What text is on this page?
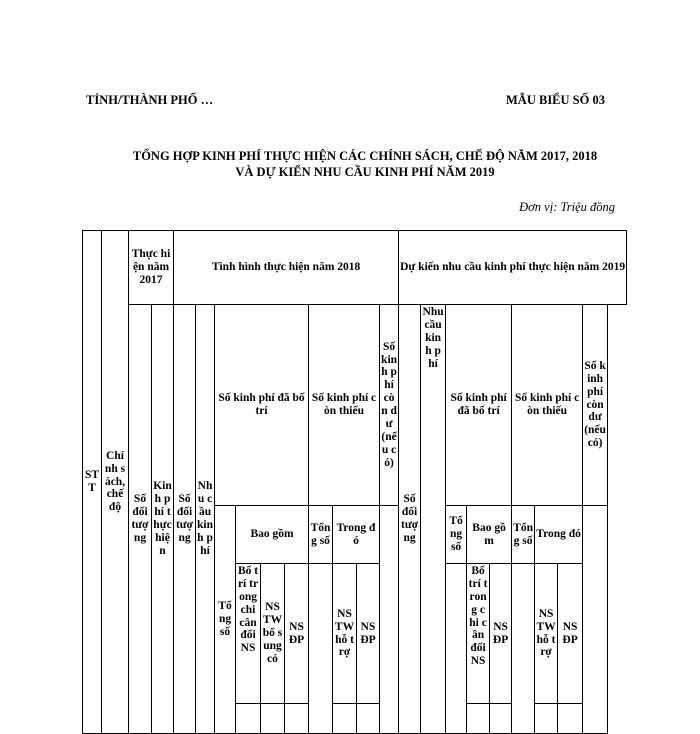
TỈNH/THÀNH PHỐ …	MẪU BIỂU SỐ 03
TỔNG HỢP KINH PHÍ THỰC HIỆN CÁC CHÍNH SÁCH, CHẾ ĐỘ NĂM 2017, 2018
VÀ DỰ KIẾN NHU CẦU KINH PHÍ NĂM 2019
Đơn vị: Triệu đồng
STT	Chính sách, chế độ	Thực hiện năm 2017		Tình hình thực hiện năm 2018										Dự kiến nhu cầu kinh phí thực hiện năm 2019								
		Số đối tượng	Kinh phí thực hiện	Số đối tượng	Nhu cầu kinh phí	Số kinh phí đã bố trí				Số kinh phí còn thiếu			Số kinh phí còn dư (nếu có)	Số đối tượng	Nhu cầu kinh phí	Số kinh phí đã bố trí			Số kinh phí còn thiếu			Số kinh phí còn dư (nếu có)
						Tổng số	Bao gồm			Tổng số	Trong đó					Tổng số	Bao gồm		Tổng số	Trong đó		
							Bố trí trong chi cân đối NS	NS TW bổ sung có	NS ĐP		NS TW hỗ trợ	NS ĐP					Bố trí trong chi cân đối NS	NS ĐP		NS TW hỗ trợ	NS ĐP	
